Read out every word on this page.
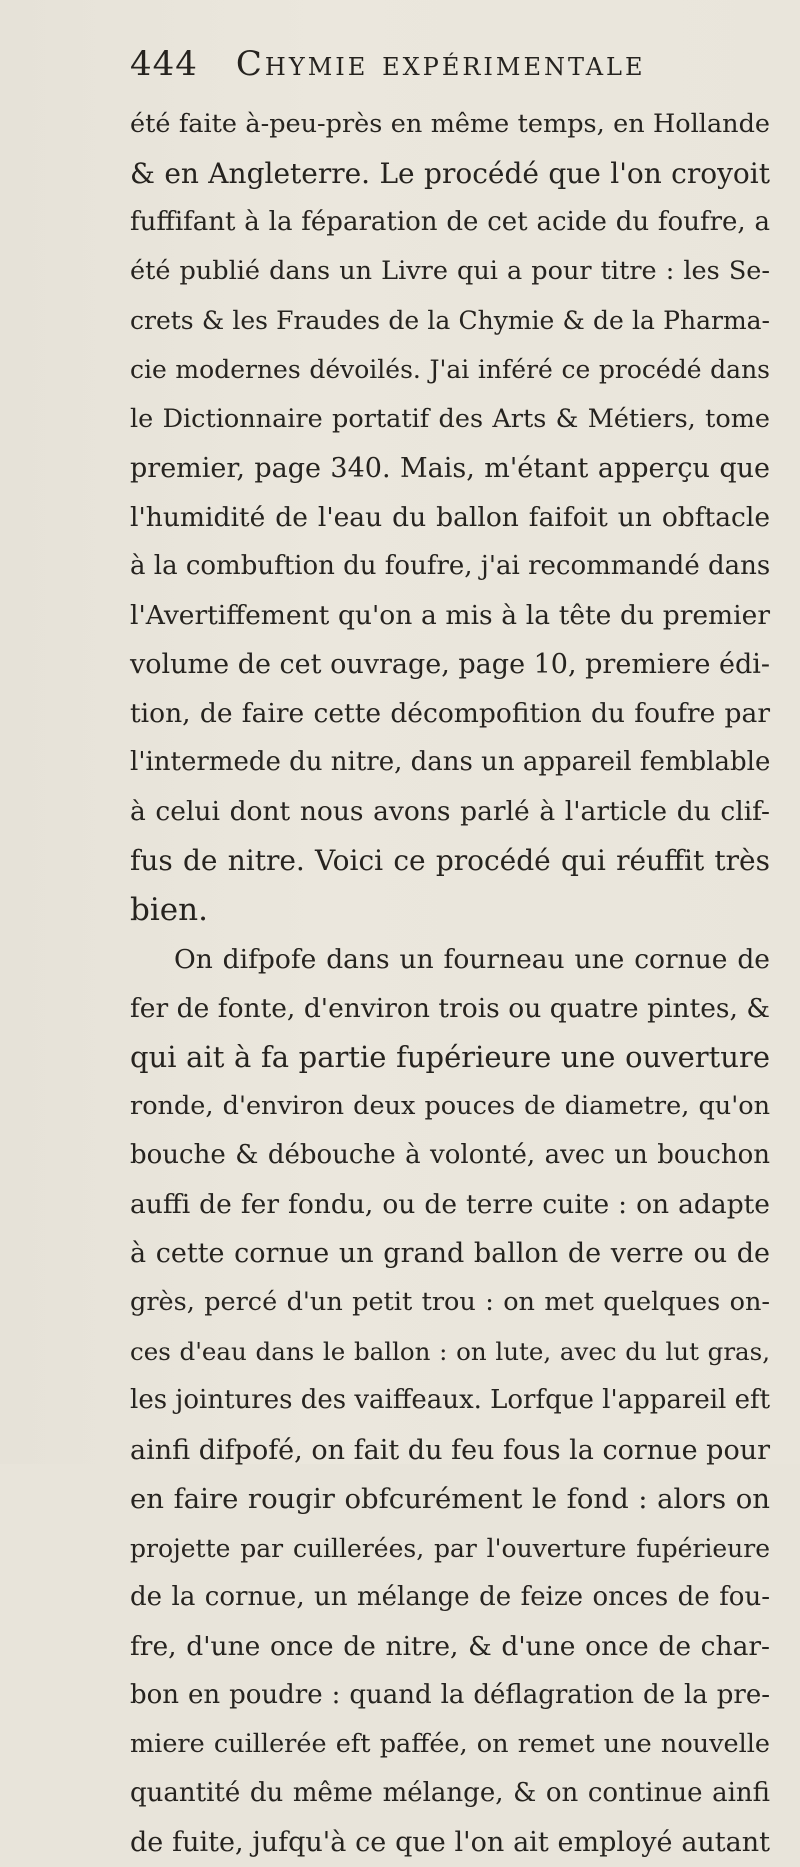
444 Chymie expérimentale
été faite à-peu-près en même temps, en Hollande
& en Angleterre. Le procédé que l'on croyoit
fuffifant à la féparation de cet acide du foufre, a
été publié dans un Livre qui a pour titre : les Se-
crets & les Fraudes de la Chymie & de la Pharma-
cie modernes dévoilés. J'ai inféré ce procédé dans
le Dictionnaire portatif des Arts & Métiers, tome
premier, page 340. Mais, m'étant apperçu que
l'humidité de l'eau du ballon faifoit un obftacle
à la combuftion du foufre, j'ai recommandé dans
l'Avertiffement qu'on a mis à la tête du premier
volume de cet ouvrage, page 10, premiere édi-
tion, de faire cette décompofition du foufre par
l'intermede du nitre, dans un appareil femblable
à celui dont nous avons parlé à l'article du clif-
fus de nitre. Voici ce procédé qui réuffit très
bien.
On difpofe dans un fourneau une cornue de
fer de fonte, d'environ trois ou quatre pintes, &
qui ait à fa partie fupérieure une ouverture
ronde, d'environ deux pouces de diametre, qu'on
bouche & débouche à volonté, avec un bouchon
auffi de fer fondu, ou de terre cuite : on adapte
à cette cornue un grand ballon de verre ou de
grès, percé d'un petit trou : on met quelques on-
ces d'eau dans le ballon : on lute, avec du lut gras,
les jointures des vaiffeaux. Lorfque l'appareil eft
ainfi difpofé, on fait du feu fous la cornue pour
en faire rougir obfcurément le fond : alors on
projette par cuillerées, par l'ouverture fupérieure
de la cornue, un mélange de feize onces de fou-
fre, d'une once de nitre, & d'une once de char-
bon en poudre : quand la déflagration de la pre-
miere cuillerée eft paffée, on remet une nouvelle
quantité du même mélange, & on continue ainfi
de fuite, jufqu'à ce que l'on ait employé autant
